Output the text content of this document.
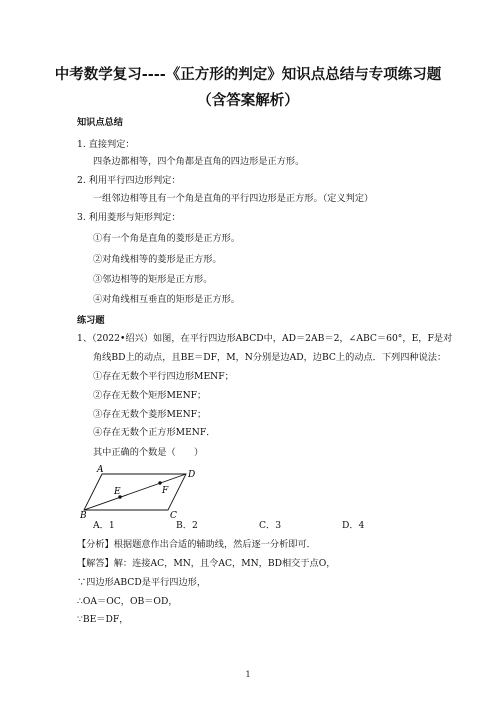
中考数学复习----《正方形的判定》知识点总结与专项练习题
（含答案解析）
知识点总结
1. 直接判定：
四条边都相等，四个角都是直角的四边形是正方形。
2. 利用平行四边形判定：
一组邻边相等且有一个角是直角的平行四边形是正方形。（定义判定）
3. 利用菱形与矩形判定：
①有一个角是直角的菱形是正方形。
②对角线相等的菱形是正方形。
③邻边相等的矩形是正方形。
④对角线相互垂直的矩形是正方形。
练习题
1、（2022•绍兴）如图，在平行四边形ABCD中，AD＝2AB＝2，∠ABC＝60°，E，F是对
角线BD上的动点，且BE＝DF，M，N分别是边AD，边BC上的动点．下列四种说法：
①存在无数个平行四边形MENF；
②存在无数个矩形MENF；
③存在无数个菱形MENF；
④存在无数个正方形MENF．
其中正确的个数是（　　）
A	D
B	C
E	F
A．1	B．2	C．3	D．4
【分析】根据题意作出合适的辅助线，然后逐一分析即可．
【解答】解：连接AC，MN，且令AC，MN，BD相交于点O，
∵四边形ABCD是平行四边形，
∴OA＝OC，OB＝OD，
∵BE＝DF，
1
